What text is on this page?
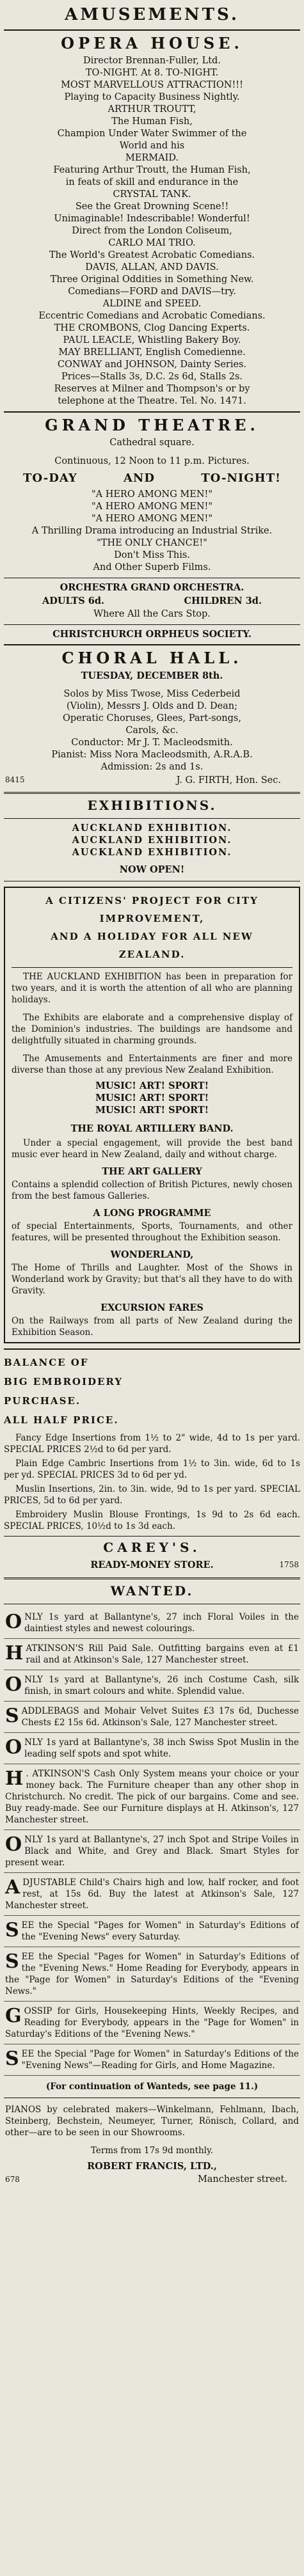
AMUSEMENTS.
OPERA HOUSE.
Director Brennan-Fuller, Ltd.
TO-NIGHT. At 8. TO-NIGHT.
MOST MARVELLOUS ATTRACTION!!!
Playing to Capacity Business Nightly.
ARTHUR TROUTT,
The Human Fish,
Champion Under Water Swimmer of the
World and his
MERMAID.
Featuring Arthur Troutt, the Human Fish,
in feats of skill and endurance in the
CRYSTAL TANK.
See the Great Drowning Scene!!
Unimaginable! Indescribable! Wonderful!
Direct from the London Coliseum,
CARLO MAI TRIO.
The World's Greatest Acrobatic Comedians.
DAVIS, ALLAN, AND DAVIS.
Three Original Oddities in Something New.
Comedians—FORD and DAVIS—try.
ALDINE and SPEED.
Eccentric Comedians and Acrobatic Comedians.
THE CROMBONS, Clog Dancing Experts.
PAUL LEACLE, Whistling Bakery Boy.
MAY BRELLIANT, English Comedienne.
CONWAY and JOHNSON, Dainty Series.
Prices—Stalls 3s, D.C. 2s 6d, Stalls 2s.
Reserves at Milner and Thompson's or by
telephone at the Theatre. Tel. No. 1471.
GRAND THEATRE.
Cathedral square.
Continuous, 12 Noon to 11 p.m. Pictures.
TO-DAY	AND	TO-NIGHT!
"A HERO AMONG MEN!"
"A HERO AMONG MEN!"
"A HERO AMONG MEN!"
A Thrilling Drama introducing an Industrial Strike.
"THE ONLY CHANCE!"
Don't Miss This.
And Other Superb Films.
ORCHESTRA GRAND ORCHESTRA.
ADULTS 6d.	CHILDREN 3d.
Where All the Cars Stop.
CHRISTCHURCH ORPHEUS SOCIETY.
CHORAL HALL.
TUESDAY, DECEMBER 8th.
Solos by Miss Twose, Miss Cederbeid
(Violin), Messrs J. Olds and D. Dean;
Operatic Choruses, Glees, Part-songs,
Carols, &c.
Conductor: Mr J. T. Macleodsmith.
Pianist: Miss Nora Macleodsmith, A.R.A.B.
Admission: 2s and 1s.
8415	J. G. FIRTH, Hon. Sec.
EXHIBITIONS.
AUCKLAND EXHIBITION.
AUCKLAND EXHIBITION.
AUCKLAND EXHIBITION.
NOW OPEN!
A CITIZENS' PROJECT FOR CITY
IMPROVEMENT,
AND A HOLIDAY FOR ALL NEW
ZEALAND.

THE AUCKLAND EXHIBITION has been in preparation for two years, and it is worth the attention of all who are planning holidays.

The Exhibits are elaborate and a comprehensive display of the Dominion's industries. The buildings are handsome and delightfully situated in charming grounds.

The Amusements and Entertainments are finer and more diverse than those at any previous New Zealand Exhibition.

MUSIC! ART! SPORT!
MUSIC! ART! SPORT!
MUSIC! ART! SPORT!
THE ROYAL ARTILLERY BAND.

Under a special engagement, will provide the best band music ever heard in New Zealand, daily and without charge.

THE ART GALLERY

Contains a splendid collection of British Pictures, newly chosen from the best famous Galleries.

A LONG PROGRAMME

of special Entertainments, Sports, Tournaments, and other features, will be presented throughout the Exhibition season.

WONDERLAND,

The Home of Thrills and Laughter. Most of the Shows in Wonderland work by Gravity; but that's all they have to do with Gravity.

EXCURSION FARES

On the Railways from all parts of New Zealand during the Exhibition Season.

BALANCE OF
BIG EMBROIDERY
PURCHASE.
ALL HALF PRICE.

Fancy Edge Insertions from 1½ to 2" wide, 4d to 1s per yard. SPECIAL PRICES 2½d to 6d per yard.

Plain Edge Cambric Insertions from 1½ to 3in. wide, 6d to 1s per yd. SPECIAL PRICES 3d to 6d per yd.

Muslin Insertions, 2in. to 3in. wide, 9d to 1s per yard. SPECIAL PRICES, 5d to 6d per yard.

Embroidery Muslin Blouse Frontings, 1s 9d to 2s 6d each. SPECIAL PRICES, 10½d to 1s 3d each.

CAREY'S.
READY-MONEY STORE.	1758
WANTED.
ONLY 1s yard at Ballantyne's, 27 inch Floral Voiles in the daintiest styles and newest colourings.
HATKINSON'S Rill Paid Sale. Outfitting bargains even at £1 rail and at Atkinson's Sale, 127 Manchester street.
ONLY 1s yard at Ballantyne's, 26 inch Costume Cash, silk finish, in smart colours and white. Splendid value.
SADDLEBAGS and Mohair Velvet Suites £3 17s 6d, Duchesse Chests £2 15s 6d. Atkinson's Sale, 127 Manchester street.
ONLY 1s yard at Ballantyne's, 38 inch Swiss Spot Muslin in the leading self spots and spot white.
H . ATKINSON'S Cash Only System means your choice or your money back. The Furniture cheaper than any other shop in Christchurch. No credit. The pick of our bargains. Come and see. Buy ready-made. See our Furniture displays at H. Atkinson's, 127 Manchester street.
ONLY 1s yard at Ballantyne's, 27 inch Spot and Stripe Voiles in Black and White, and Grey and Black. Smart Styles for present wear.
ADJUSTABLE Child's Chairs high and low, half rocker, and foot rest, at 15s 6d. Buy the latest at Atkinson's Sale, 127 Manchester street.
SEE the Special "Pages for Women" in Saturday's Editions of the "Evening News" every Saturday.
SEE the Special "Pages for Women" in Saturday's Editions of the "Evening News." Home Reading for Everybody, appears in the "Page for Women" in Saturday's Editions of the "Evening News."
GOSSIP for Girls, Housekeeping Hints, Weekly Recipes, and Reading for Everybody, appears in the "Page for Women" in Saturday's Editions of the "Evening News."
SEE the Special "Page for Women" in Saturday's Editions of the "Evening News"—Reading for Girls, and Home Magazine.
(For continuation of Wanteds, see page 11.)

PIANOS by celebrated makers—Winkelmann, Fehlmann, Ibach, Steinberg, Bechstein, Neumeyer, Turner, Rönisch, Collard, and other—are to be seen in our Showrooms.

Terms from 17s 9d monthly.
ROBERT FRANCIS, LTD.,
678	Manchester street.
